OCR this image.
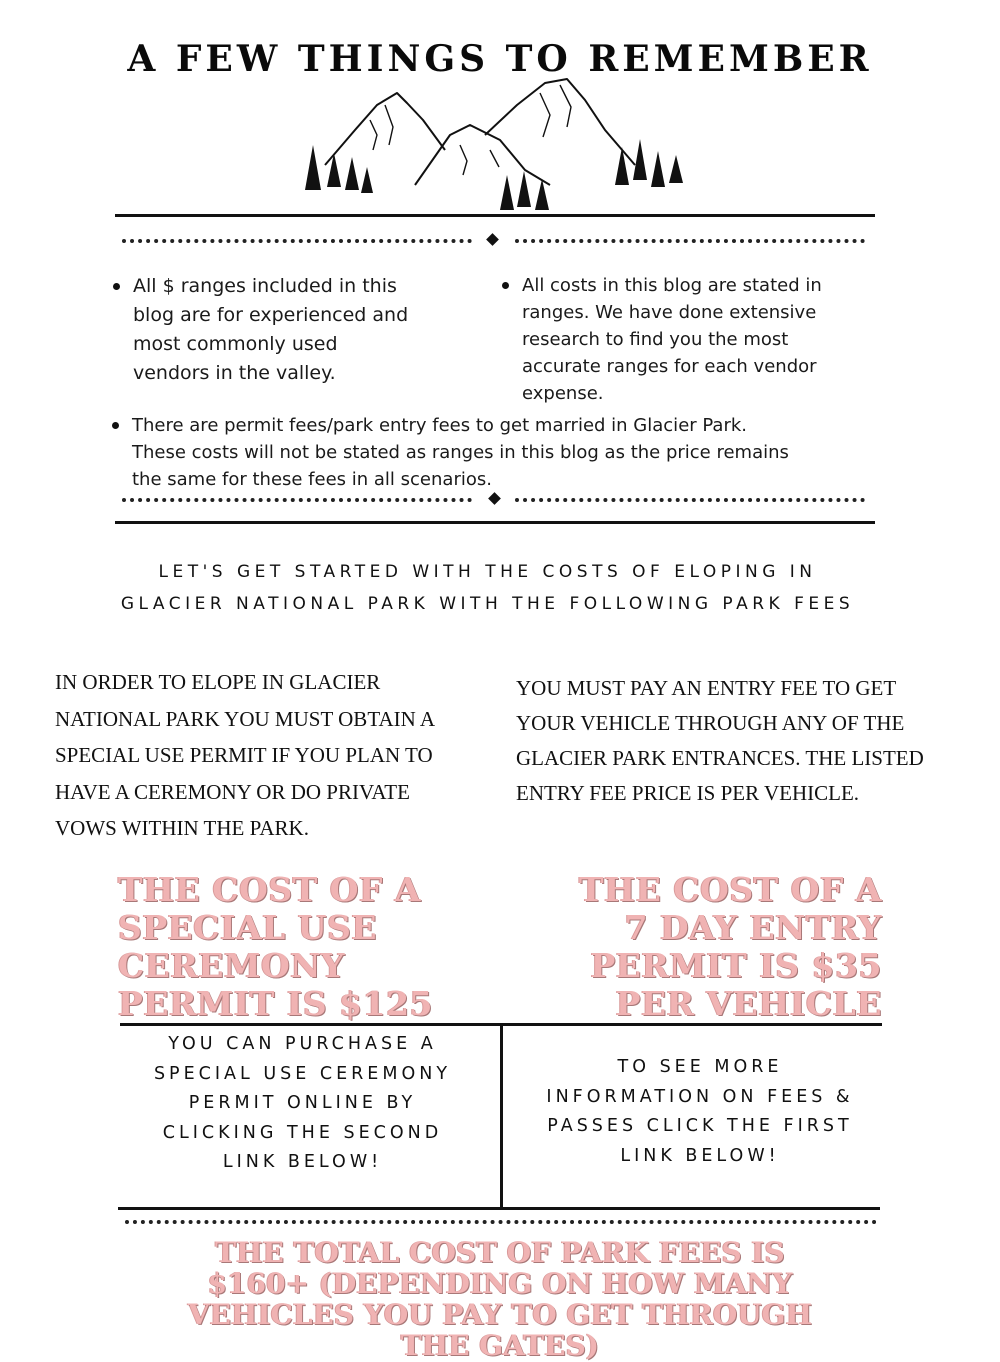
A FEW THINGS TO REMEMBER
All $ ranges included in this blog are for experienced and most commonly used vendors in the valley.
All costs in this blog are stated in ranges. We have done extensive research to find you the most accurate ranges for each vendor expense.
There are permit fees/park entry fees to get married in Glacier Park. These costs will not be stated as ranges in this blog as the price remains the same for these fees in all scenarios.
LET'S GET STARTED WITH THE COSTS OF ELOPING IN GLACIER NATIONAL PARK WITH THE FOLLOWING PARK FEES
IN ORDER TO ELOPE IN GLACIER NATIONAL PARK YOU MUST OBTAIN A SPECIAL USE PERMIT IF YOU PLAN TO HAVE A CEREMONY OR DO PRIVATE VOWS WITHIN THE PARK.
YOU MUST PAY AN ENTRY FEE TO GET YOUR VEHICLE THROUGH ANY OF THE GLACIER PARK ENTRANCES. THE LISTED ENTRY FEE PRICE IS PER VEHICLE.
THE COST OF A SPECIAL USE CEREMONY PERMIT IS $125
THE COST OF A 7 DAY ENTRY PERMIT IS $35 PER VEHICLE
YOU CAN PURCHASE A SPECIAL USE CEREMONY PERMIT ONLINE BY CLICKING THE SECOND LINK BELOW!
TO SEE MORE INFORMATION ON FEES & PASSES CLICK THE FIRST LINK BELOW!
THE TOTAL COST OF PARK FEES IS $160+ (DEPENDING ON HOW MANY VEHICLES YOU PAY TO GET THROUGH THE GATES)
